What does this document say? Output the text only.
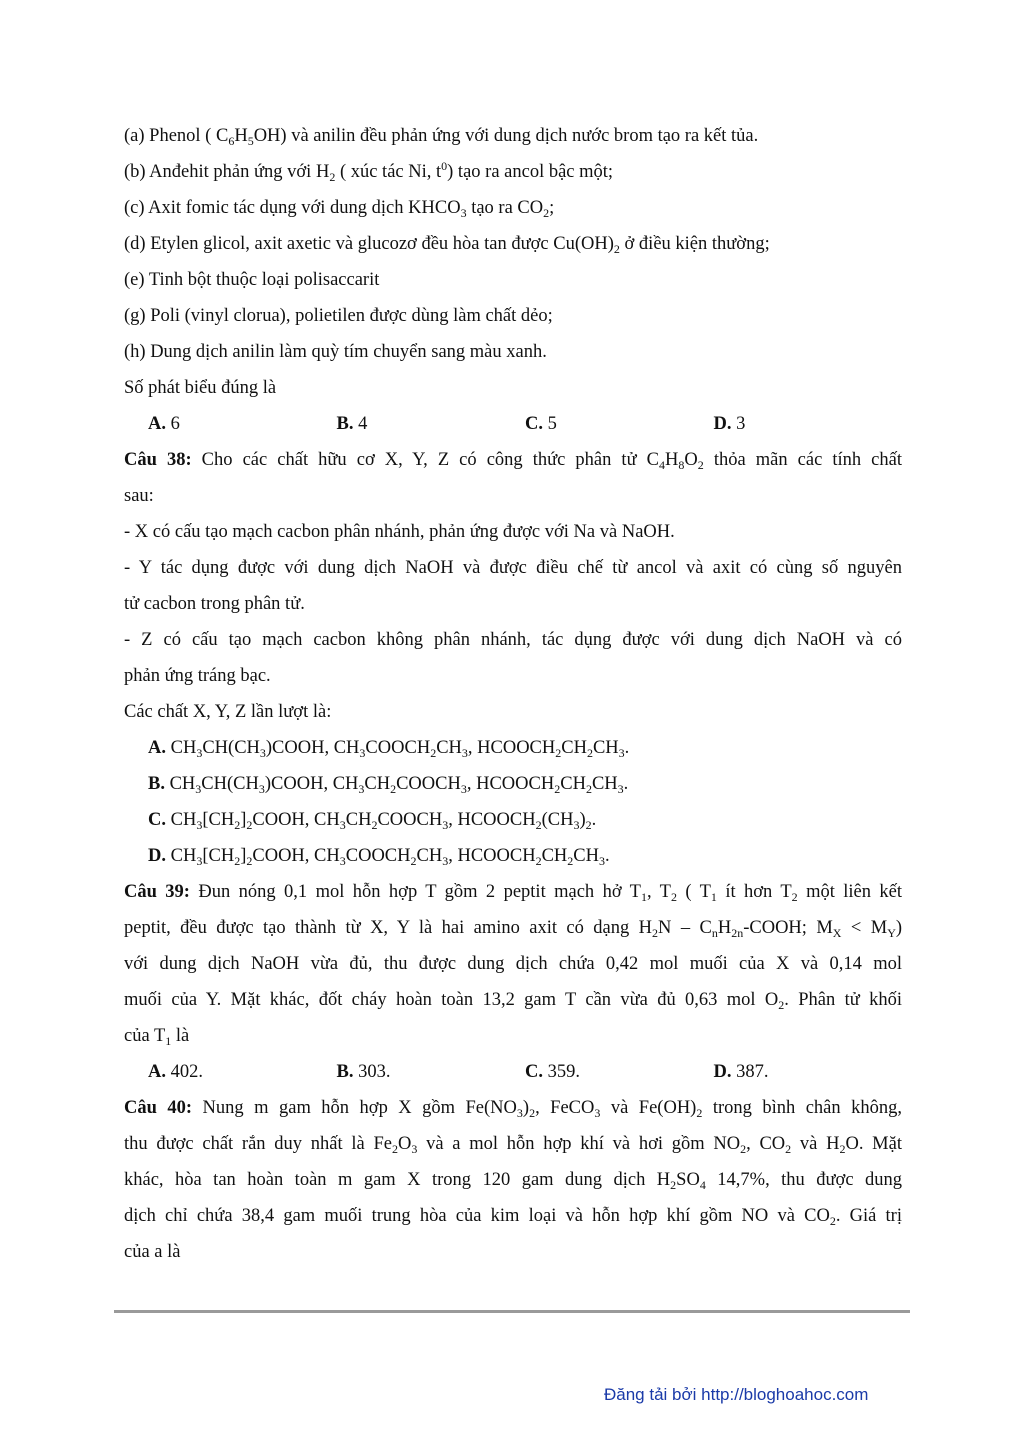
(a) Phenol ( $C_6H_5OH$) và anilin đều phản ứng với dung dịch nước brom tạo ra kết tủa.
(b) Anđehit phản ứng với $H_2$ ( xúc tác Ni, $t^0$) tạo ra ancol bậc một;
(c) Axit fomic tác dụng với dung dịch $KHCO_3$ tạo ra $CO_2$;
(d) Etylen glicol, axit axetic và glucozơ đều hòa tan được $Cu(OH)_2$ ở điều kiện thường;
(e) Tinh bột thuộc loại polisaccarit
(g) Poli (vinyl clorua), polietilen được dùng làm chất dẻo;
(h) Dung dịch anilin làm quỳ tím chuyển sang màu xanh.
Số phát biểu đúng là
A. 6	B. 4	C. 5	D. 3
Câu 38: Cho các chất hữu cơ X, Y, Z có công thức phân tử $C_4H_8O_2$ thỏa mãn các tính chất
sau:
- X có cấu tạo mạch cacbon phân nhánh, phản ứng được với Na và NaOH.
- Y tác dụng được với dung dịch NaOH và được điều chế từ ancol và axit có cùng số nguyên
tử cacbon trong phân tử.
- Z có cấu tạo mạch cacbon không phân nhánh, tác dụng được với dung dịch NaOH và có
phản ứng tráng bạc.
Các chất X, Y, Z lần lượt là:
A. $CH_3CH(CH_3)COOH$, $CH_3COOCH_2CH_3$, $HCOOCH_2CH_2CH_3$.
B. $CH_3CH(CH_3)COOH$, $CH_3CH_2COOCH_3$, $HCOOCH_2CH_2CH_3$.
C. $CH_3[CH_2]_2COOH$, $CH_3CH_2COOCH_3$, $HCOOCH_2(CH_3)_2$.
D. $CH_3[CH_2]_2COOH$, $CH_3COOCH_2CH_3$, $HCOOCH_2CH_2CH_3$.
Câu 39: Đun nóng 0,1 mol hỗn hợp T gồm 2 peptit mạch hở $T_1$, $T_2$ ( $T_1$ ít hơn $T_2$ một liên kết
peptit, đều được tạo thành từ X, Y là hai amino axit có dạng $H_2N$ – $C_nH_{2n}$-COOH; $M_X < M_Y$)
với dung dịch NaOH vừa đủ, thu được dung dịch chứa 0,42 mol muối của X và 0,14 mol
muối của Y. Mặt khác, đốt cháy hoàn toàn 13,2 gam T cần vừa đủ 0,63 mol $O_2$. Phân tử khối
của $T_1$ là
A. 402.	B. 303.	C. 359.	D. 387.
Câu 40: Nung m gam hỗn hợp X gồm $Fe(NO_3)_2$, FeCO$_3$ và $Fe(OH)_2$ trong bình chân không,
thu được chất rắn duy nhất là $Fe_2O_3$ và a mol hỗn hợp khí và hơi gồm $NO_2$, $CO_2$ và $H_2O$. Mặt
khác, hòa tan hoàn toàn m gam X trong 120 gam dung dịch $H_2SO_4$ 14,7%, thu được dung
dịch chỉ chứa 38,4 gam muối trung hòa của kim loại và hỗn hợp khí gồm NO và $CO_2$. Giá trị
của a là
Đăng tải bởi http://bloghoahoc.com
